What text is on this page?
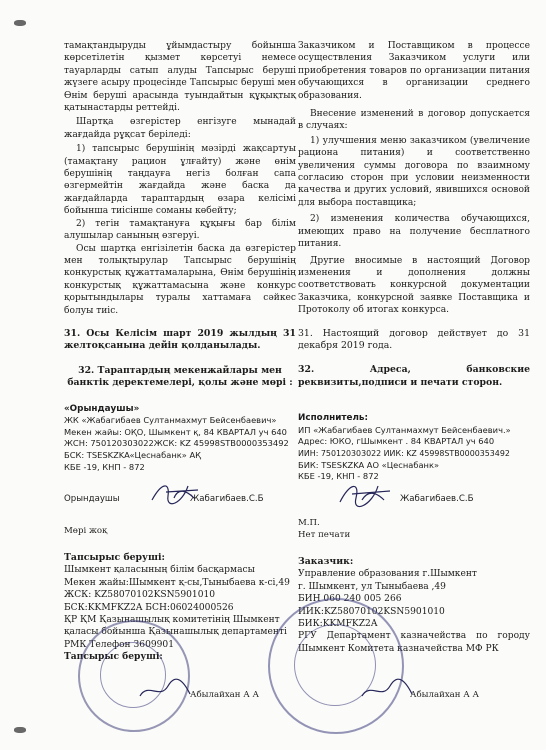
тамақтандыруды ұйымдастыру бойынша көрсетілетін қызмет көрсетуі немесе тауарларды сатып алуды Тапсырыс беруші жүзеге асыру процесінде Тапсырыс беруші мен Өнім беруші арасында туындайтын құқықтық қатынастарды реттейді.

Шартқа өзгерістер енгізуге мынадай жағдайда рұқсат беріледі:

1) тапсырыс берушінің мәзірді жақсартуы (тамақтану рацион ұлғайту) және өнім берушінің таңдауға негіз болған сапа өзгермейтін жағдайда және баска да жағдайларда тараптардың өзара келісімі бойынша тиісінше соманы көбейту;

2) тегін тамақтануға құқығы бар білім алушылар санының өзгеруі.

Осы шартқа енгізілетін баска да өзгерістер мен толықтырулар Тапсырыс берушінің конкурстық құжаттамаларына, Өнім берушінің конкурстық құжаттамасына және конкурс қорытындылары туралы хаттамаға сәйкес болуы тиіс.

31. Осы Келісім шарт 2019 жылдың 31 желтоқсанына дейін қолданылады.

32. Тараптардың мекенжайлары мен банктік деректемелері, қолы және мөрі :

«Орындаушы»

ЖК «Жабагибаев Султанмахмут Бейсенбаевич»

Мекен жайы: ОҚО, Шымкент қ, 84 КВАРТАЛ уч 640

ЖСН: 750120303022ЖСК: KZ 45998STB0000353492

БСК: TSESKZKA«Цеснабанк» АҚ

КБЕ -19, КНП - 872

Орындаушы	Жабагибаев.С.Б
Мөрі жоқ

Тапсырыс беруші:

Шымкент қаласының білім басқармасы

Мекен жайы:Шымкент қ-сы,Тыныбаева к-сі,49

ЖСК: KZ58070102KSN5901010

БСК:KKMFKZ2A БСН:06024000526

ҚР ҚМ Қазынашылық комитетінің Шымкент қаласы бойынша Қазынашылық департаменті

РМК Телефон 3609901

Тапсырыс беруші:

Абылайхан А А

Заказчиком и Поставщиком в процессе осуществления Заказчиком услуги или приобретения товаров по организации питания обучающихся в организации среднего образования.

Внесение изменений в договор допускается в случаях:

1) улучшения меню заказчиком (увеличение рациона питания) и соответственно увеличения суммы договора по взаимному согласию сторон при условии неизменности качества и других условий, явившихся основой для выбора поставщика;

2) изменения количества обучающихся, имеющих право на получение бесплатного питания.

Другие вносимые в настоящий Договор изменения и дополнения должны соответствовать конкурсной документации Заказчика, конкурсной заявке Поставщика и Протоколу об итогах конкурса.

31. Настоящий договор действует до 31 декабря 2019 года.

32. Адреса, банковские реквизиты,подписи и печати сторон.

Исполнитель:

ИП «Жабагибаев Султанмахмут Бейсенбаевич.»

Адрес: ЮКО, гШымкент . 84 КВАРТАЛ уч 640

ИИН: 750120303022 ИИК: KZ 45998STB0000353492

БИК: TSESKZKA АО «Цеснабанк»

КБЕ -19, КНП - 872

Жабагибаев.С.Б
М.П.
Нет печати

Заказчик:

Управление образования г.Шымкент

г. Шымкент, ул Тыныбаева ,49

БИН 060 240 005 266

ИИК:KZ58070102KSN5901010

БИК:KKMFKZ2A

РГУ Департамент казначейства по городу Шымкент Комитета казначейства МФ РК

Абылайхан А А
